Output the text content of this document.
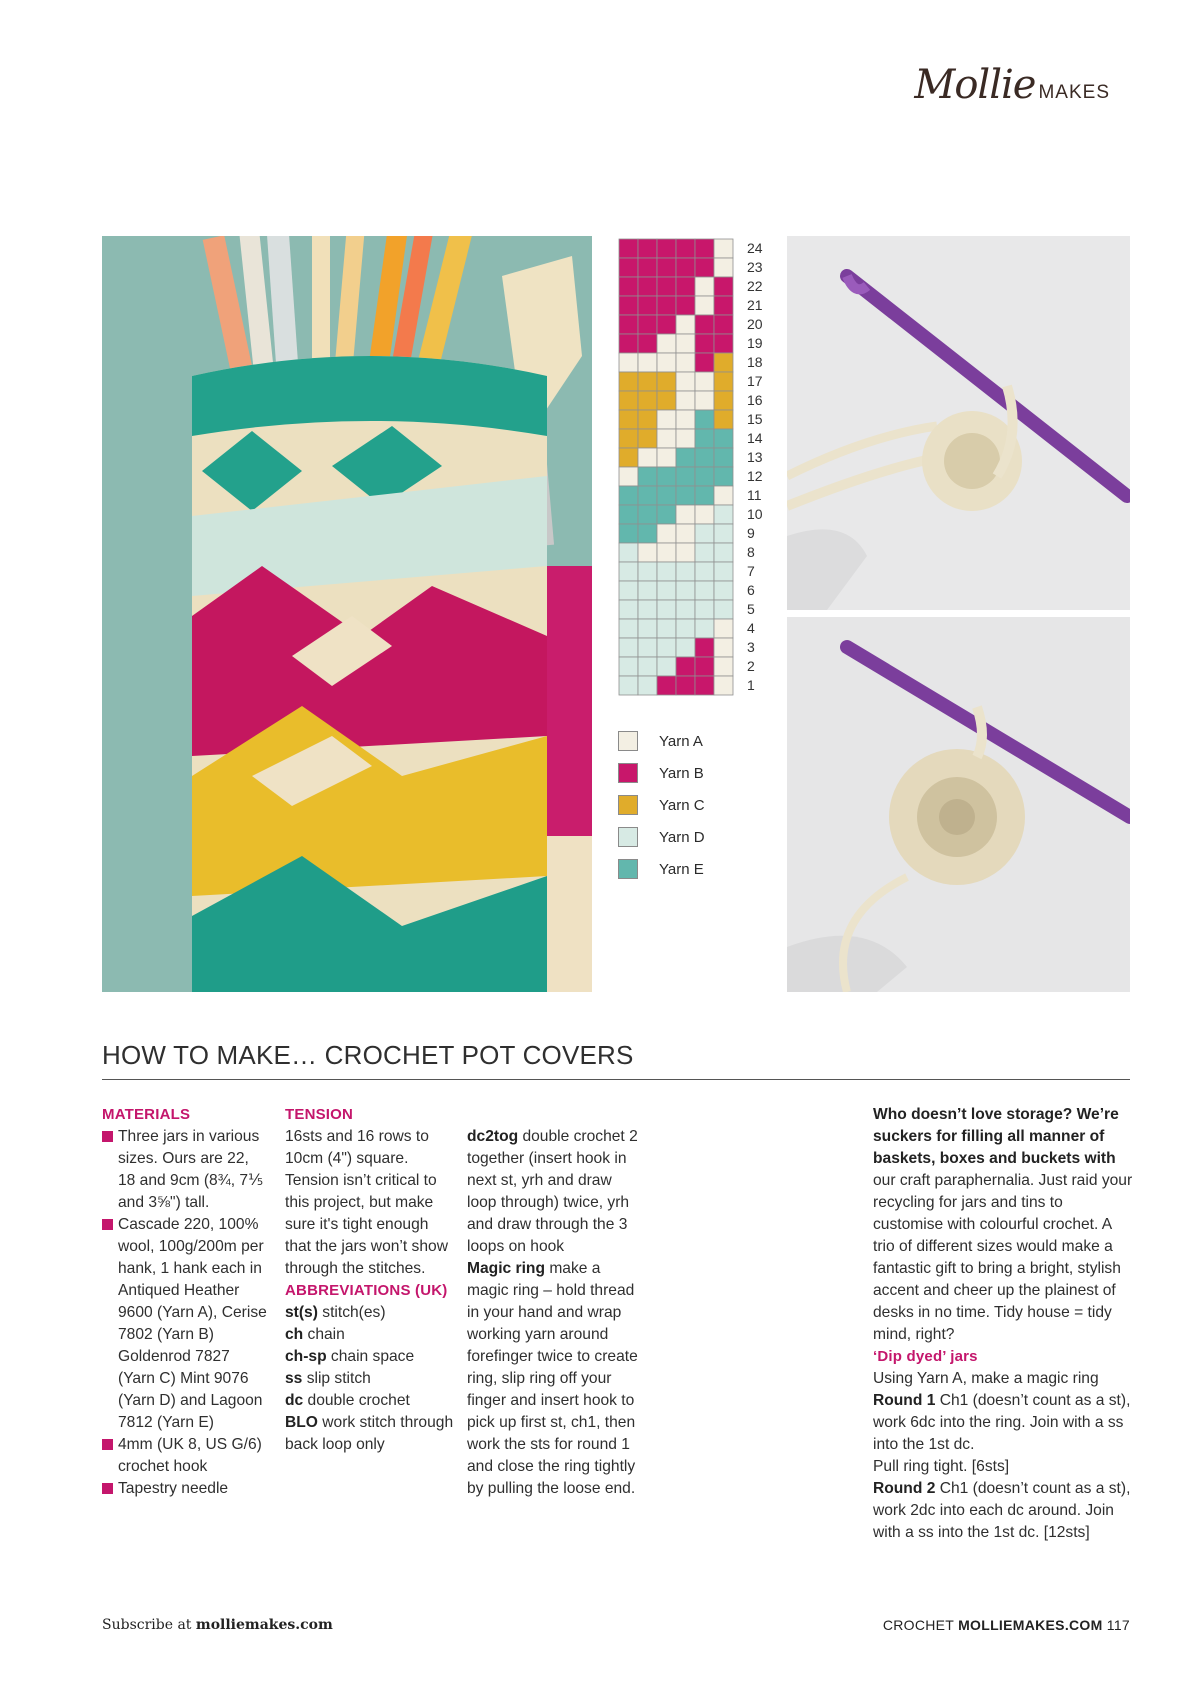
Mollie MAKES
24
23
22
21
20
19
18
17
16
15
14
13
12
11
10
9
8
7
6
5
4
3
2
1
Yarn A
Yarn B
Yarn C
Yarn D
Yarn E
HOW TO MAKE… CROCHET POT COVERS

MATERIALS

Three jars in various sizes. Ours are 22, 18 and 9cm (8¾, 7⅕ and 3⅝") tall.

Cascade 220, 100% wool, 100g/200m per hank, 1 hank each in Antiqued Heather 9600 (Yarn A), Cerise 7802 (Yarn B) Goldenrod 7827 (Yarn C) Mint 9076 (Yarn D) and Lagoon 7812 (Yarn E)

4mm (UK 8, US G/6) crochet hook

Tapestry needle

TENSION

16sts and 16 rows to 10cm (4") square. Tension isn’t critical to this project, but make sure it's tight enough that the jars won’t show through the stitches.

ABBREVIATIONS (UK)

st(s) stitch(es)

ch chain

ch-sp chain space

ss slip stitch

dc double crochet

BLO work stitch through back loop only

dc2tog double crochet 2 together (insert hook in next st, yrh and draw loop through) twice, yrh and draw through the 3 loops on hook

Magic ring make a magic ring – hold thread in your hand and wrap working yarn around forefinger twice to create ring, slip ring off your finger and insert hook to pick up first st, ch1, then work the sts for round 1 and close the ring tightly by pulling the loose end.

Who doesn’t love storage? We’re suckers for filling all manner of baskets, boxes and buckets with our craft paraphernalia. Just raid your recycling for jars and tins to customise with colourful crochet. A trio of different sizes would make a fantastic gift to bring a bright, stylish accent and cheer up the plainest of desks in no time. Tidy house = tidy mind, right?

‘Dip dyed’ jars

Using Yarn A, make a magic ring

Round 1 Ch1 (doesn’t count as a st), work 6dc into the ring. Join with a ss into the 1st dc.

Pull ring tight. [6sts]

Round 2 Ch1 (doesn’t count as a st), work 2dc into each dc around. Join with a ss into the 1st dc. [12sts]

Subscribe at molliemakes.com	CROCHET MOLLIEMAKES.COM 117
